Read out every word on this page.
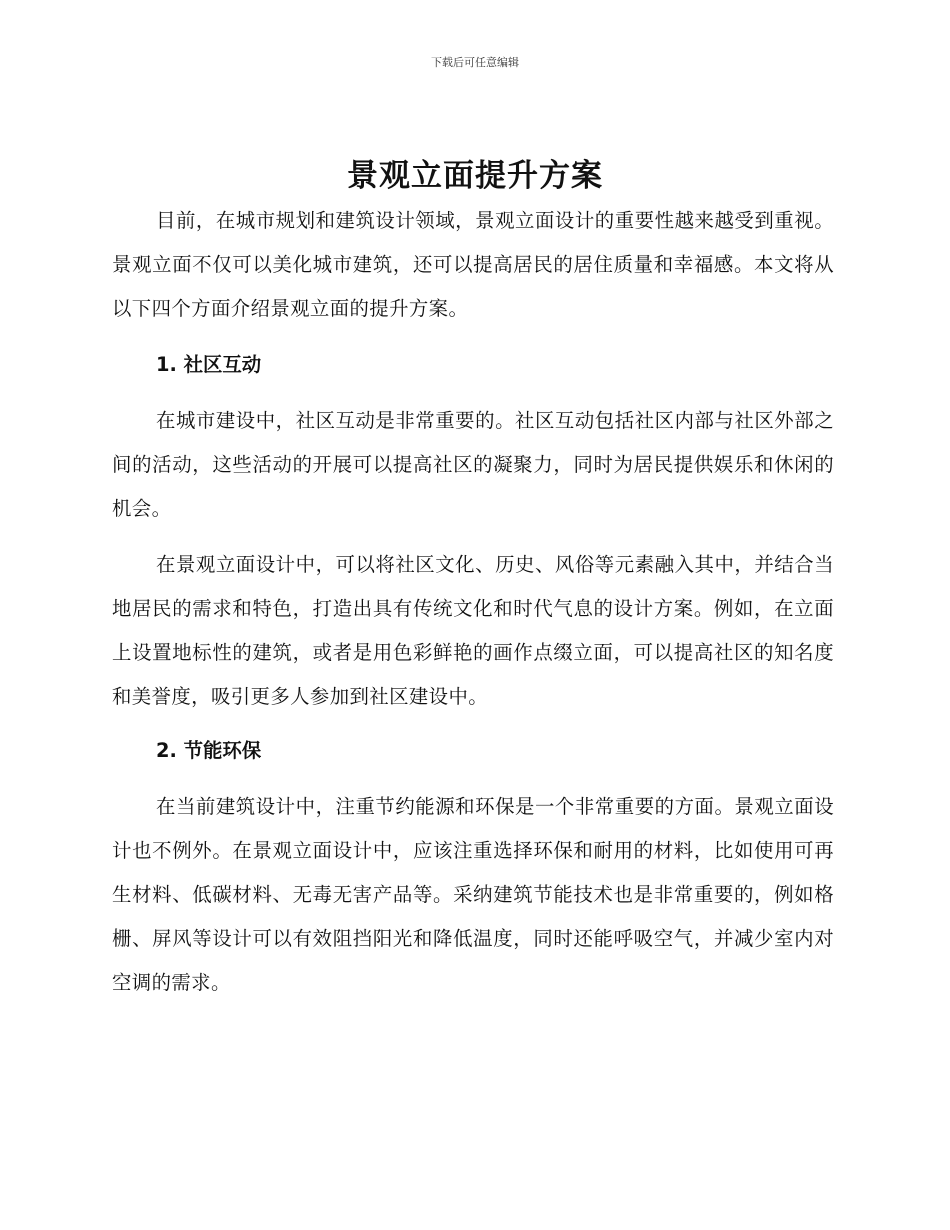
下载后可任意编辑
景观立面提升方案

目前，在城市规划和建筑设计领域，景观立面设计的重要性越来越受到重视。景观立面不仅可以美化城市建筑，还可以提高居民的居住质量和幸福感。本文将从以下四个方面介绍景观立面的提升方案。

1. 社区互动

在城市建设中，社区互动是非常重要的。社区互动包括社区内部与社区外部之间的活动，这些活动的开展可以提高社区的凝聚力，同时为居民提供娱乐和休闲的机会。

在景观立面设计中，可以将社区文化、历史、风俗等元素融入其中，并结合当地居民的需求和特色，打造出具有传统文化和时代气息的设计方案。例如，在立面上设置地标性的建筑，或者是用色彩鲜艳的画作点缀立面，可以提高社区的知名度和美誉度，吸引更多人参加到社区建设中。

2. 节能环保

在当前建筑设计中，注重节约能源和环保是一个非常重要的方面。景观立面设计也不例外。在景观立面设计中，应该注重选择环保和耐用的材料，比如使用可再生材料、低碳材料、无毒无害产品等。采纳建筑节能技术也是非常重要的，例如格栅、屏风等设计可以有效阻挡阳光和降低温度，同时还能呼吸空气，并减少室内对空调的需求。
